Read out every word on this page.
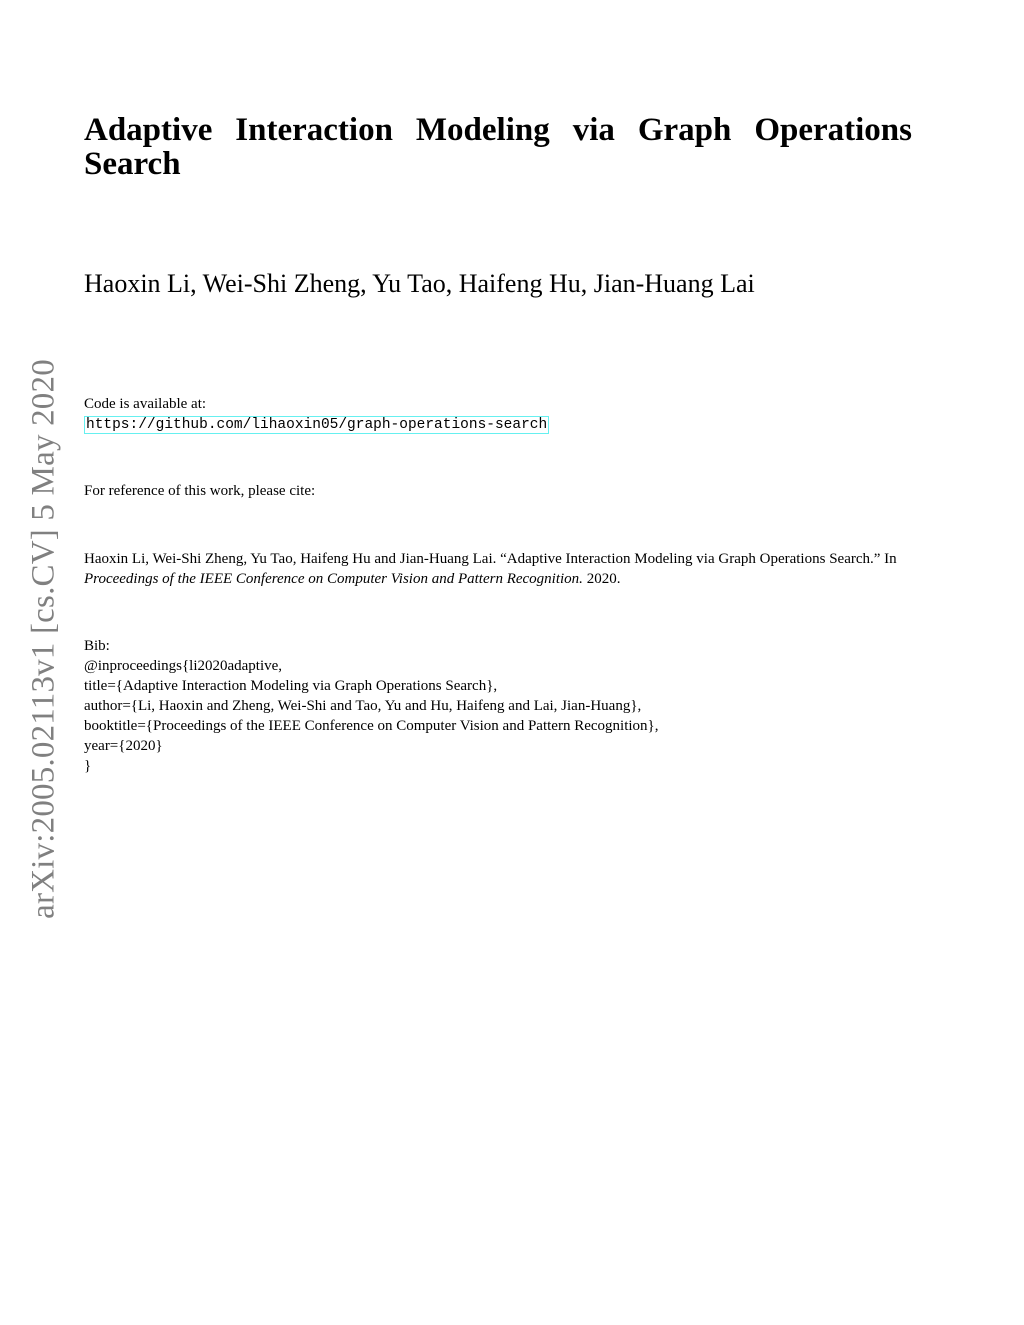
arXiv:2005.02113v1 [cs.CV] 5 May 2020
Adaptive Interaction Modeling via Graph Operations Search

Haoxin Li, Wei-Shi Zheng, Yu Tao, Haifeng Hu, Jian-Huang Lai

Code is available at:
https://github.com/lihaoxin05/graph-operations-search

For reference of this work, please cite:

Haoxin Li, Wei-Shi Zheng, Yu Tao, Haifeng Hu and Jian-Huang Lai. “Adaptive Interaction Modeling via Graph Operations Search.” In Proceedings of the IEEE Conference on Computer Vision and Pattern Recognition. 2020.

Bib:
@inproceedings{li2020adaptive,
title={Adaptive Interaction Modeling via Graph Operations Search},
author={Li, Haoxin and Zheng, Wei-Shi and Tao, Yu and Hu, Haifeng and Lai, Jian-Huang},
booktitle={Proceedings of the IEEE Conference on Computer Vision and Pattern Recognition},
year={2020}
}
